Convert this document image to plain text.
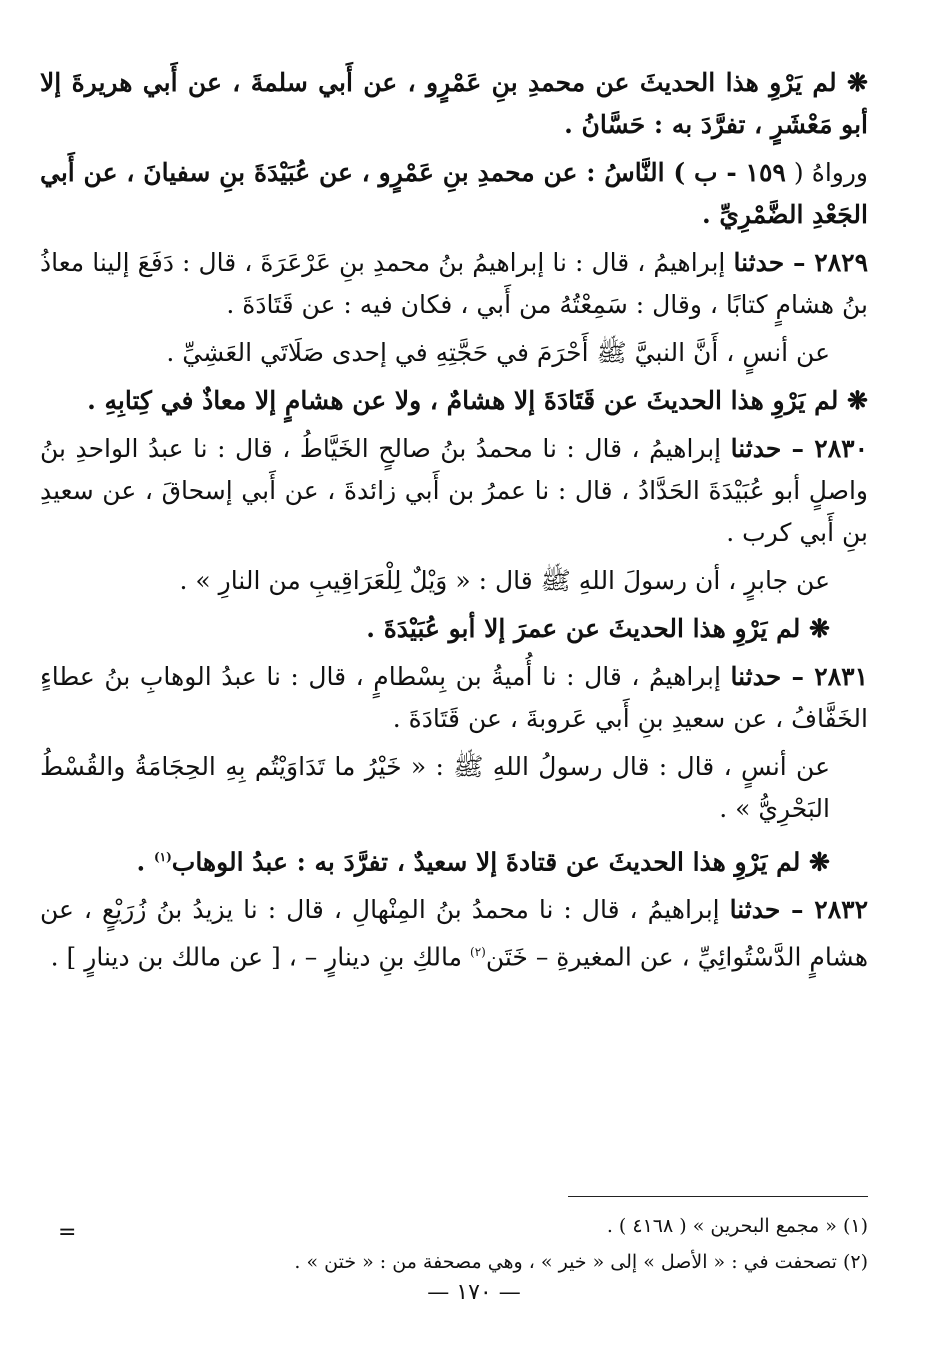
❋ لم يَرْوِ هذا الحديثَ عن محمدِ بنِ عَمْرٍو ، عن أَبي سلمةَ ، عن أَبي هريرةَ إلا أبو مَعْشَرٍ ، تفرَّدَ به : حَسَّانُ .

ورواهُ ( ١٥٩ - ب ) النَّاسُ : عن محمدِ بنِ عَمْرٍو ، عن عُبَيْدَةَ بنِ سفيانَ ، عن أَبي الجَعْدِ الضَّمْرِيِّ .

٢٨٢٩ – حدثنا إبراهيمُ ، قال : نا إبراهيمُ بنُ محمدِ بنِ عَرْعَرَةَ ، قال : دَفَعَ إلينا معاذُ بنُ هشامٍ كتابًا ، وقال : سَمِعْتُهُ من أَبي ، فكان فيه : عن قَتَادَةَ .

عن أنسٍ ، أَنَّ النبيَّ ﷺ أَحْرَمَ في حَجَّتِهِ في إحدى صَلَاتَي العَشِيِّ .

❋ لم يَرْوِ هذا الحديثَ عن قَتَادَةَ إلا هشامٌ ، ولا عن هشامٍ إلا معاذٌ في كِتابِهِ .

٢٨٣٠ – حدثنا إبراهيمُ ، قال : نا محمدُ بنُ صالحٍ الخَيَّاطُ ، قال : نا عبدُ الواحدِ بنُ واصلٍ أبو عُبَيْدَةَ الحَدَّادُ ، قال : نا عمرُ بن أَبي زائدةَ ، عن أَبي إسحاقَ ، عن سعيدِ بنِ أَبي كرب .

عن جابرٍ ، أن رسولَ اللهِ ﷺ قال : « وَيْلٌ لِلْعَرَاقِيبِ من النارِ » .

❋ لم يَرْوِ هذا الحديثَ عن عمرَ إلا أبو عُبَيْدَةَ .

٢٨٣١ – حدثنا إبراهيمُ ، قال : نا أُميةُ بن بِسْطامٍ ، قال : نا عبدُ الوهابِ بنُ عطاءٍ الخَفَّافُ ، عن سعيدِ بنِ أَبي عَروبةَ ، عن قَتَادَةَ .

عن أنسٍ ، قال : قال رسولُ اللهِ ﷺ : « خَيْرُ ما تَدَاوَيْتُم بِهِ الحِجَامَةُ والقُسْطُ البَحْرِيُّ » .

❋ لم يَرْوِ هذا الحديثَ عن قتادةَ إلا سعيدٌ ، تفرَّدَ به : عبدُ الوهاب$^{(١)}$ .

٢٨٣٢ – حدثنا إبراهيمُ ، قال : نا محمدُ بنُ المِنْهالِ ، قال : نا يزيدُ بنُ زُرَيْعٍ ، عن هشامٍ الدَّسْتُوائِيِّ ، عن المغيرةِ – خَتَن$^{(٢)}$ مالكِ بنِ دينارٍ – ، [ عن مالك بن دينارٍ ] .

(١) « مجمع البحرين » ( ٤١٦٨ ) .
(٢) تصحفت في : « الأصل » إلى « خير » ، وهي مصحفة من : « ختن » .
=
— ١٧٠ —
